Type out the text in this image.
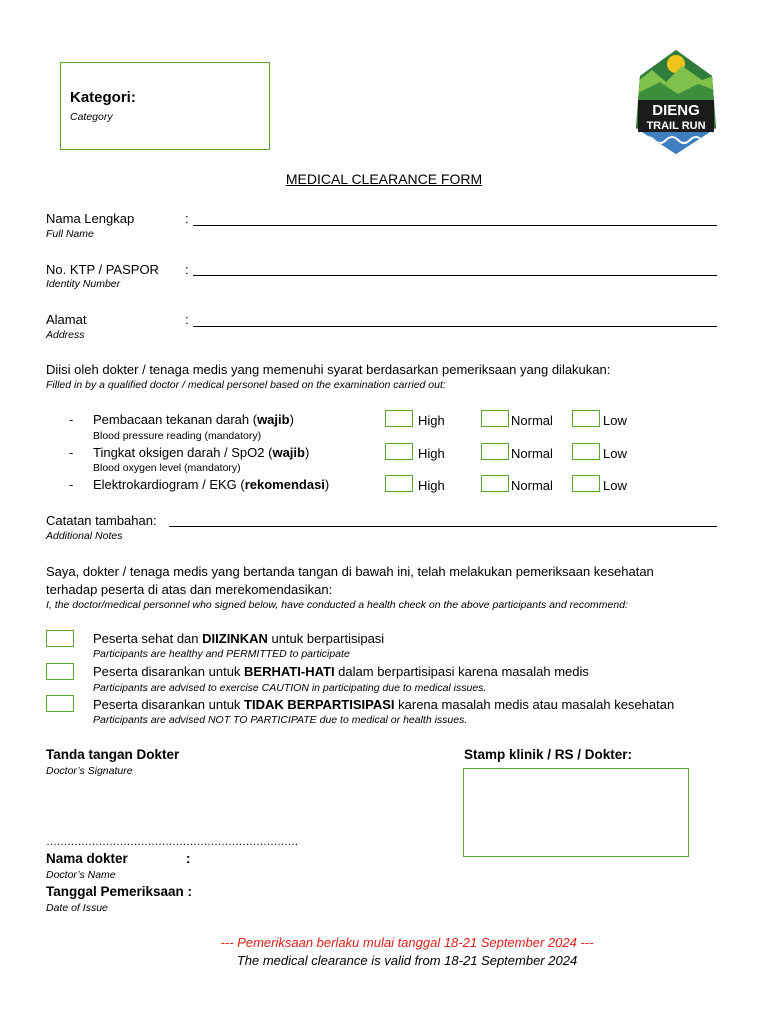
Kategori:
Category	DIENG
TRAIL RUN
MEDICAL CLEARANCE FORM
Nama Lengkap
Full Name
:
No. KTP / PASPOR
Identity Number
:
Alamat
Address
:
Diisi oleh dokter / tenaga medis yang memenuhi syarat berdasarkan pemeriksaan yang dilakukan:
Filled in by a qualified doctor / medical personel based on the examination carried out:
- Pembacaan tekanan darah (wajib)
Blood pressure reading (mandatory)
High	Normal	Low
- Tingkat oksigen darah / SpO2 (wajib)
Blood oxygen level (mandatory)
High	Normal	Low
- Elektrokardiogram / EKG (rekomendasi)	High	Normal	Low
Catatan tambahan:
Additional Notes
Saya, dokter / tenaga medis yang bertanda tangan di bawah ini, telah melakukan pemeriksaan kesehatan
terhadap peserta di atas dan merekomendasikan:
I, the doctor/medical personnel who signed below, have conducted a health check on the above participants and recommend:
Peserta sehat dan DIIZINKAN untuk berpartisipasi
Participants are healthy and PERMITTED to participate
Peserta disarankan untuk BERHATI-HATI dalam berpartisipasi karena masalah medis
Participants are advised to exercise CAUTION in participating due to medical issues.
Peserta disarankan untuk TIDAK BERPARTISIPASI karena masalah medis atau masalah kesehatan
Participants are advised NOT TO PARTICIPATE due to medical or health issues.
Tanda tangan Dokter
Doctor’s Signature
………………………………………………………………
Stamp klinik / RS / Dokter:
Nama dokter	:
Doctor’s Name
Tanggal Pemeriksaan :
Date of Issue
--- Pemeriksaan berlaku mulai tanggal 18-21 September 2024 ---
The medical clearance is valid from 18-21 September 2024
